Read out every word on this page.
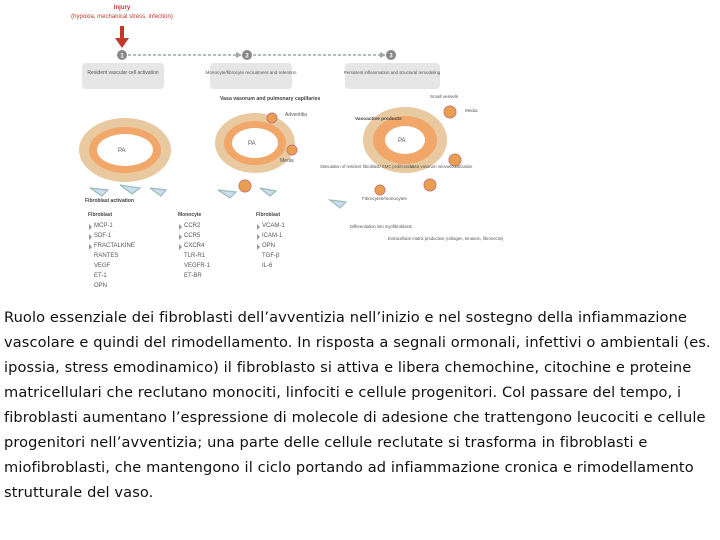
Injury
(hypoxia, mechanical stress, infection)
1	2	3
Resident vascular cell activation	Monocyte/fibrocyte recruitment and retention	Persistent inflammation and structural remodeling
PA
PA
Vasa vasorum and pulmonary capillaries
Adventitia
Media
PA
Small vessels
Media
Vasoactive products
Stimulation of resident fibroblast/ SMC proliferation
Vasa vasorum neovascularization
Fibrocytes/monocytes
Differentiation into myofibroblasts
Extracellular matrix production (collagen, tenascin, fibronectin)
Fibroblast activation
Fibroblast
MCP-1
SDF-1
FRACTALKINE
RANTES
VEGF
ET-1
OPN
Monocyte
CCR2
CCR5
CXCR4
TLR-R1
VEGFR-1
ET-BR
Fibroblast
VCAM-1
ICAM-1
OPN
TGF-β
IL-6
Ruolo essenziale dei fibroblasti dell’avventizia nell’inizio e nel sostegno della infiammazione vascolare e quindi del rimodellamento. In risposta a segnali ormonali, infettivi o ambientali (es. ipossia, stress emodinamico) il fibroblasto si attiva e libera chemochine, citochine e proteine matricellulari che reclutano monociti, linfociti e cellule progenitori. Col passare del tempo, i fibroblasti aumentano l’espressione di molecole di adesione che trattengono leucociti e cellule progenitori nell’avventizia; una parte delle cellule reclutate si trasforma in fibroblasti e miofibroblasti, che mantengono il ciclo portando ad infiammazione cronica e rimodellamento strutturale del vaso.
